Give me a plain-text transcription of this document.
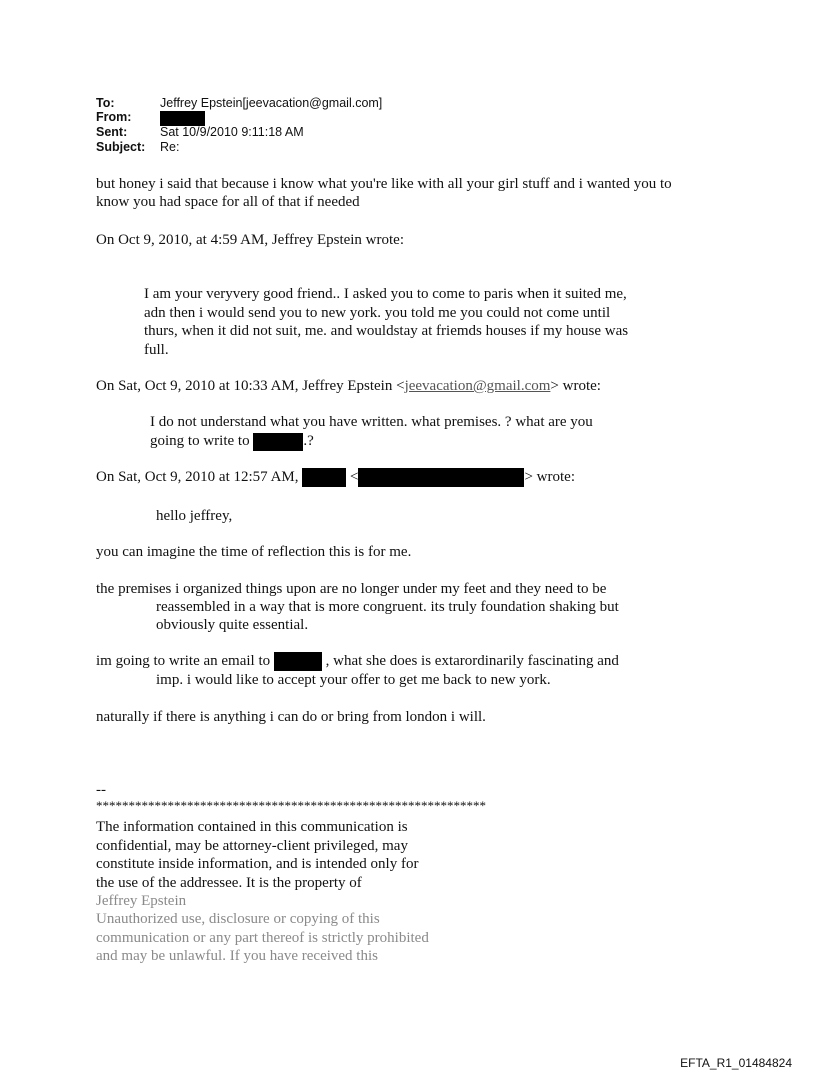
To:	Jeffrey Epstein[jeevacation@gmail.com]
From:
Sent:	Sat 10/9/2010 9:11:18 AM
Subject: Re:
but honey i said that because i know what you're like with all your girl stuff and i wanted you to
know you had space for all of that if needed
On Oct 9, 2010, at 4:59 AM, Jeffrey Epstein wrote:
I am your veryvery good friend.. I asked you to come to paris when it suited me,
adn then i would send you to new york. you told me you could not come until
thurs, when it did not suit, me. and wouldstay at friemds houses if my house was
full.
On Sat, Oct 9, 2010 at 10:33 AM, Jeffrey Epstein <jeevacation@gmail.com> wrote:
I do not understand what you have written. what premises. ? what are you
going to write to	.?
On Sat, Oct 9, 2010 at 12:57 AM,	<	> wrote:
hello jeffrey,
you can imagine the time of reflection this is for me.
the premises i organized things upon are no longer under my feet and they need to be
reassembled in a way that is more congruent. its truly foundation shaking but
obviously quite essential.
im going to write an email to	, what she does is extarordinarily fascinating and
imp. i would like to accept your offer to get me back to new york.
naturally if there is anything i can do or bring from london i will.
--
************************************************************
The information contained in this communication is
confidential, may be attorney-client privileged, may
constitute inside information, and is intended only for
the use of the addressee. It is the property of
Jeffrey Epstein
Unauthorized use, disclosure or copying of this
communication or any part thereof is strictly prohibited
and may be unlawful. If you have received this
EFTA_R1_01484824
